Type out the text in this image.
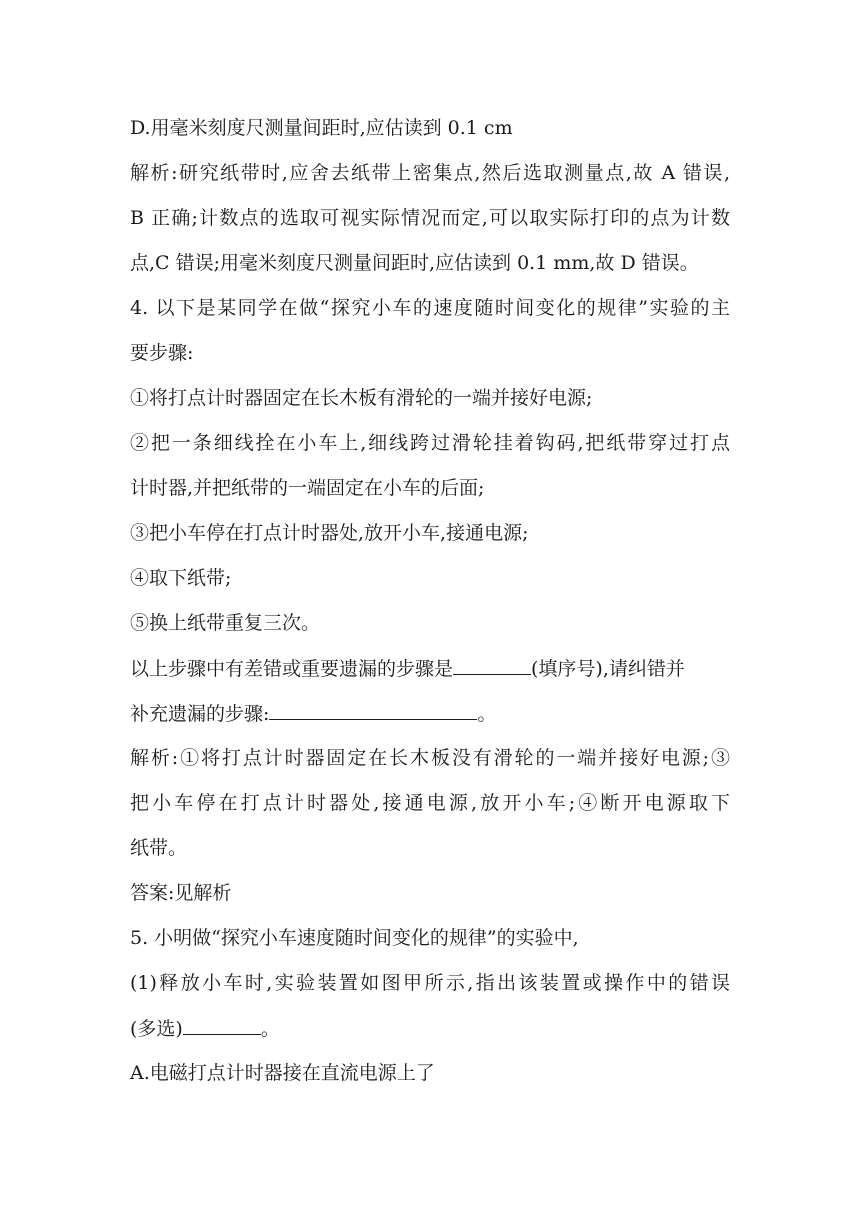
D.用毫米刻度尺测量间距时,应估读到 0.1 cm
解析:研究纸带时,应舍去纸带上密集点,然后选取测量点,故 A 错误,
B 正确;计数点的选取可视实际情况而定,可以取实际打印的点为计数
点,C 错误;用毫米刻度尺测量间距时,应估读到 0.1 mm,故 D 错误。
4. 以下是某同学在做“探究小车的速度随时间变化的规律”实验的主
要步骤:
①将打点计时器固定在长木板有滑轮的一端并接好电源;
②把一条细线拴在小车上,细线跨过滑轮挂着钩码,把纸带穿过打点
计时器,并把纸带的一端固定在小车的后面;
③把小车停在打点计时器处,放开小车,接通电源;
④取下纸带;
⑤换上纸带重复三次。
以上步骤中有差错或重要遗漏的步骤是	(填序号),请纠错并
补充遗漏的步骤:	。
解析:①将打点计时器固定在长木板没有滑轮的一端并接好电源;③
把小车停在打点计时器处,接通电源,放开小车;④断开电源取下
纸带。
答案:见解析
5. 小明做“探究小车速度随时间变化的规律”的实验中,
(1)释放小车时,实验装置如图甲所示,指出该装置或操作中的错误
(多选)	。
A.电磁打点计时器接在直流电源上了
